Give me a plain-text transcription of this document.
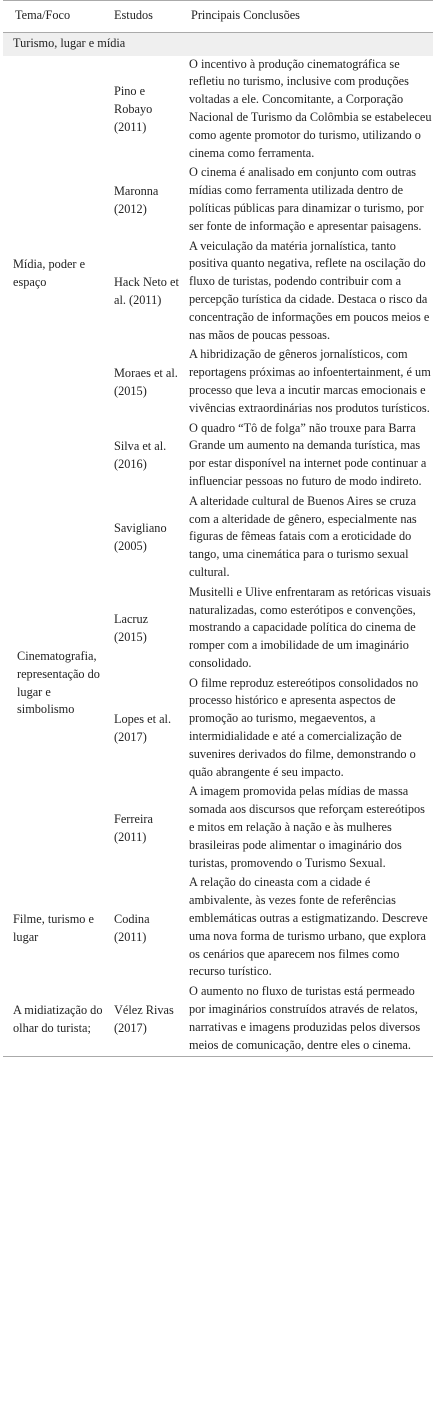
Tema/Foco	Estudos	Principais Conclusões
Turismo, lugar e mídia		
Mídia, poder e espaço	Pino e Robayo (2011)	O incentivo à produção cinematográfica se refletiu no turismo, inclusive com produções voltadas a ele. Concomitante, a Corporação Nacional de Turismo da Colômbia se estabeleceu como agente promotor do turismo, utilizando o cinema como ferramenta.
	Maronna (2012)	O cinema é analisado em conjunto com outras mídias como ferramenta utilizada dentro de políticas públicas para dinamizar o turismo, por ser fonte de informação e apresentar paisagens.
	Hack Neto et al. (2011)	A veiculação da matéria jornalística, tanto positiva quanto negativa, reflete na oscilação do fluxo de turistas, podendo contribuir com a percepção turística da cidade. Destaca o risco da concentração de informações em poucos meios e nas mãos de poucas pessoas.
	Moraes et al. (2015)	A hibridização de gêneros jornalísticos, com reportagens próximas ao infoentertainment, é um processo que leva a incutir marcas emocionais e vivências extraordinárias nos produtos turísticos.
	Silva et al. (2016)	O quadro “Tô de folga” não trouxe para Barra Grande um aumento na demanda turística, mas por estar disponível na internet pode continuar a influenciar pessoas no futuro de modo indireto.
Cinematografia, representação do lugar e simbolismo	Savigliano (2005)	A alteridade cultural de Buenos Aires se cruza com a alteridade de gênero, especialmente nas figuras de fêmeas fatais com a eroticidade do tango, uma cinemática para o turismo sexual cultural.
	Lacruz (2015)	Musitelli e Ulive enfrentaram as retóricas visuais naturalizadas, como esterótipos e convenções, mostrando a capacidade política do cinema de romper com a imobilidade de um imaginário consolidado.
	Lopes et al. (2017)	O filme reproduz estereótipos consolidados no processo histórico e apresenta aspectos de promoção ao turismo, megaeventos, a intermidialidade e até a comercialização de suvenires derivados do filme, demonstrando o quão abrangente é seu impacto.
	Ferreira (2011)	A imagem promovida pelas mídias de massa somada aos discursos que reforçam estereótipos e mitos em relação à nação e às mulheres brasileiras pode alimentar o imaginário dos turistas, promovendo o Turismo Sexual.
Filme, turismo e lugar	Codina (2011)	A relação do cineasta com a cidade é ambivalente, às vezes fonte de referências emblemáticas outras a estigmatizando. Descreve uma nova forma de turismo urbano, que explora os cenários que aparecem nos filmes como recurso turístico.
A midiatização do olhar do turista;	Vélez Rivas (2017)	O aumento no fluxo de turistas está permeado por imaginários construídos através de relatos, narrativas e imagens produzidas pelos diversos meios de comunicação, dentre eles o cinema.
